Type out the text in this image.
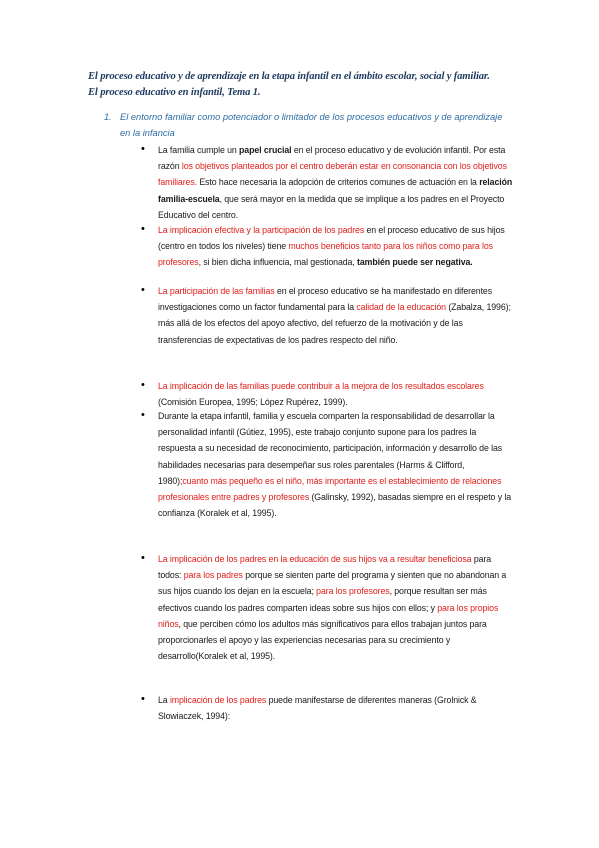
El proceso educativo y de aprendizaje en la etapa infantil en el ámbito escolar, social y familiar.
El proceso educativo en infantil, Tema 1.
1. El entorno familiar como potenciador o limitador de los procesos educativos y de aprendizaje en la infancia
• La familia cumple un papel crucial en el proceso educativo y de evolución infantil. Por esta razón los objetivos planteados por el centro deberán estar en consonancia con los objetivos familiares. Esto hace necesaria la adopción de criterios comunes de actuación en la relación familia-escuela, que será mayor en la medida que se implique a los padres en el Proyecto Educativo del centro.
• La implicación efectiva y la participación de los padres en el proceso educativo de sus hijos (centro en todos los niveles) tiene muchos beneficios tanto para los niños como para los profesores, si bien dicha influencia, mal gestionada, también puede ser negativa.
• La participación de las familias en el proceso educativo se ha manifestado en diferentes investigaciones como un factor fundamental para la calidad de la educación (Zabalza, 1996); más allá de los efectos del apoyo afectivo, del refuerzo de la motivación y de las transferencias de expectativas de los padres respecto del niño.
• La implicación de las familias puede contribuir a la mejora de los resultados escolares (Comisión Europea, 1995; López Rupérez, 1999).
• Durante la etapa infantil, familia y escuela comparten la responsabilidad de desarrollar la personalidad infantil (Gútiez, 1995), este trabajo conjunto supone para los padres la respuesta a su necesidad de reconocimiento, participación, información y desarrollo de las habilidades necesarias para desempeñar sus roles parentales (Harms & Clifford, 1980);cuanto más pequeño es el niño, más importante es el establecimiento de relaciones profesionales entre padres y profesores (Galinsky, 1992), basadas siempre en el respeto y la confianza (Koralek et al, 1995).
• La implicación de los padres en la educación de sus hijos va a resultar beneficiosa para todos: para los padres porque se sienten parte del programa y sienten que no abandonan a sus hijos cuando los dejan en la escuela; para los profesores, porque resultan ser más efectivos cuando los padres comparten ideas sobre sus hijos con ellos; y para los propios niños, que perciben cómo los adultos más significativos para ellos trabajan juntos para proporcionarles el apoyo y las experiencias necesarias para su crecimiento y desarrollo(Koralek et al, 1995).
• La implicación de los padres puede manifestarse de diferentes maneras (Grolnick & Slowiaczek, 1994):
